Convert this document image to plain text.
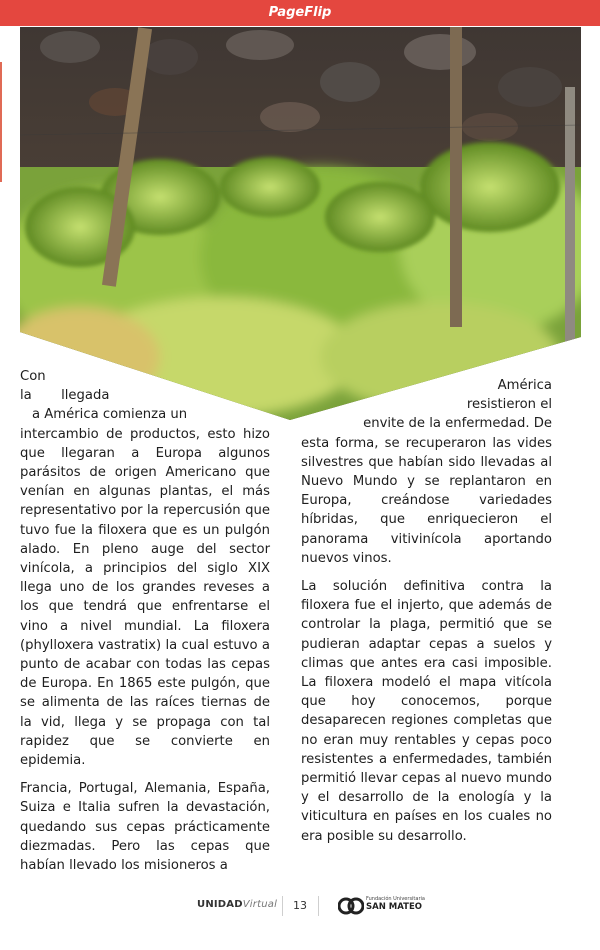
PageFlip

Con
la       llegada
a América comienza un
intercambio de productos, esto hizo que llegaran a Europa algunos parásitos de origen Americano que venían en algunas plantas, el más representativo por la repercusión que tuvo fue la filoxera que es un pulgón alado. En pleno auge del sector vinícola, a principios del siglo XIX llega uno de los grandes reveses a los que tendrá que enfrentarse el vino a nivel mundial. La filoxera (phylloxera vastratix) la cual estuvo a punto de acabar con todas las cepas de Europa. En 1865 este pulgón, que se alimenta de las raíces tiernas de la vid, llega y se propaga con tal rapidez que se convierte en epidemia.

Francia, Portugal, Alemania, España, Suiza e Italia sufren la devastación, quedando sus cepas prácticamente diezmadas. Pero las cepas que habían llevado los misioneros a

América
resistieron el
envite de la enfermedad. De
esta forma, se recuperaron las vides silvestres que habían sido llevadas al Nuevo Mundo y se replantaron en Europa, creándose variedades híbridas, que enriquecieron el panorama vitivinícola aportando nuevos vinos.

La solución definitiva contra la filoxera fue el injerto, que además de controlar la plaga, permitió que se pudieran adaptar cepas a suelos y climas que antes era casi imposible. La filoxera modeló el mapa vitícola que hoy conocemos, porque desaparecen regiones completas que no eran muy rentables y cepas poco resistentes a enfermedades, también permitió llevar cepas al nuevo mundo y el desarrollo de la enología y la viticultura en países en los cuales no era posible su desarrollo.

UNIDADVirtual	13	Fundación Universitaria
SAN MATEO
